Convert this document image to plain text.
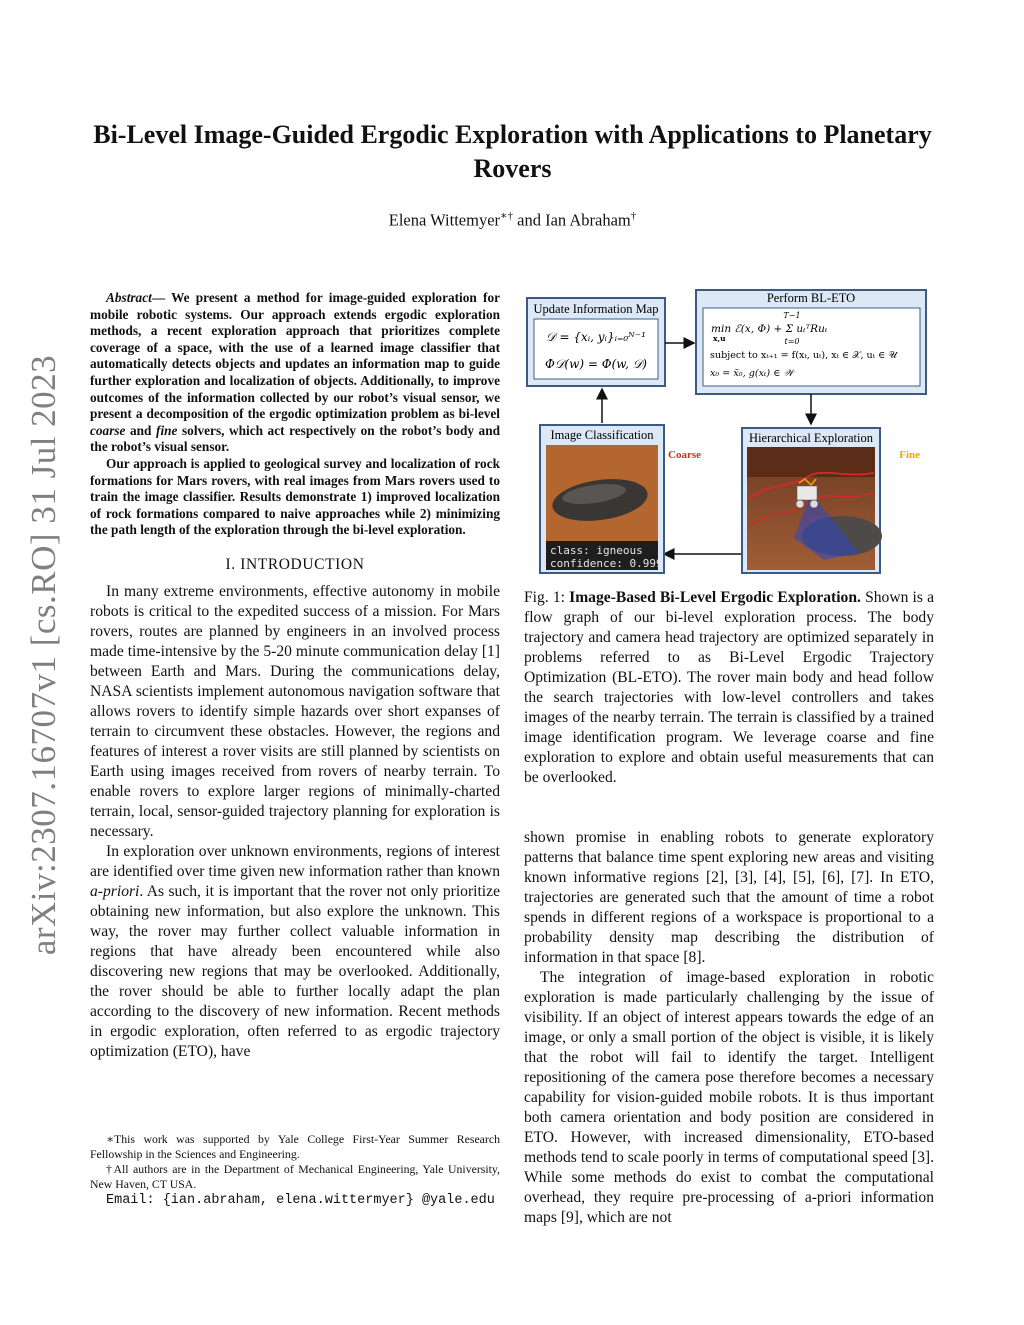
arXiv:2307.16707v1 [cs.RO] 31 Jul 2023
Bi-Level Image-Guided Ergodic Exploration with Applications to Planetary Rovers
Elena Wittemyer∗† and Ian Abraham†

Abstract— We present a method for image-guided exploration for mobile robotic systems. Our approach extends ergodic exploration methods, a recent exploration approach that prioritizes complete coverage of a space, with the use of a learned image classifier that automatically detects objects and updates an information map to guide further exploration and localization of objects. Additionally, to improve outcomes of the information collected by our robot’s visual sensor, we present a decomposition of the ergodic optimization problem as bi-level coarse and fine solvers, which act respectively on the robot’s body and the robot’s visual sensor.

Our approach is applied to geological survey and localization of rock formations for Mars rovers, with real images from Mars rovers used to train the image classifier. Results demonstrate 1) improved localization of rock formations compared to naive approaches while 2) minimizing the path length of the exploration through the bi-level exploration.

I. INTRODUCTION

In many extreme environments, effective autonomy in mobile robots is critical to the expedited success of a mission. For Mars rovers, routes are planned by engineers in an involved process made time-intensive by the 5-20 minute communication delay [1] between Earth and Mars. During the communications delay, NASA scientists implement autonomous navigation software that allows rovers to identify simple hazards over short expanses of terrain to circumvent these obstacles. However, the regions and features of interest a rover visits are still planned by scientists on Earth using images received from rovers of nearby terrain. To enable rovers to explore larger regions of minimally-charted terrain, local, sensor-guided trajectory planning for exploration is necessary.

In exploration over unknown environments, regions of interest are identified over time given new information rather than known a-priori. As such, it is important that the rover not only prioritize obtaining new information, but also explore the unknown. This way, the rover may further collect valuable information in regions that have already been encountered while also discovering new regions that may be overlooked. Additionally, the rover should be able to further locally adapt the plan according to the discovery of new information. Recent methods in ergodic exploration, often referred to as ergodic trajectory optimization (ETO), have

∗This work was supported by Yale College First-Year Summer Research Fellowship in the Sciences and Engineering.

†All authors are in the Department of Mechanical Engineering, Yale University, New Haven, CT USA.

Email: {ian.abraham, elena.wittermyer} @yale.edu

Update Information Map
𝒟 = {xᵢ, yᵢ}ᵢ₌₀ᴺ⁻¹
Φ𝒟(w) = Φ(w, 𝒟)
Perform BL-ETO
T−1
min ℰ(x, Φ) + Σ uₜᵀRuₜ
x,u	t=0
subject to xₜ₊₁ = f(xₜ, uₜ), xₜ ∈ 𝒳, uₜ ∈ 𝒰
x₀ = x̄₀, g(xₜ) ∈ 𝒲
Image Classification
class: igneous
confidence: 0.999
Coarse	Fine
Hierarchical Exploration
Fig. 1: Image-Based Bi-Level Ergodic Exploration. Shown is a flow graph of our bi-level exploration process. The body trajectory and camera head trajectory are optimized separately in problems referred to as Bi-Level Ergodic Trajectory Optimization (BL-ETO). The rover main body and head follow the search trajectories with low-level controllers and takes images of the nearby terrain. The terrain is classified by a trained image identification program. We leverage coarse and fine exploration to explore and obtain useful measurements that can be overlooked.

shown promise in enabling robots to generate exploratory patterns that balance time spent exploring new areas and visiting known informative regions [2], [3], [4], [5], [6], [7]. In ETO, trajectories are generated such that the amount of time a robot spends in different regions of a workspace is proportional to a probability density map describing the distribution of information in that space [8].

The integration of image-based exploration in robotic exploration is made particularly challenging by the issue of visibility. If an object of interest appears towards the edge of an image, or only a small portion of the object is visible, it is likely that the robot will fail to identify the target. Intelligent repositioning of the camera pose therefore becomes a necessary capability for vision-guided mobile robots. It is thus important both camera orientation and body position are considered in ETO. However, with increased dimensionality, ETO-based methods tend to scale poorly in terms of computational speed [3]. While some methods do exist to combat the computational overhead, they require pre-processing of a-priori information maps [9], which are not
